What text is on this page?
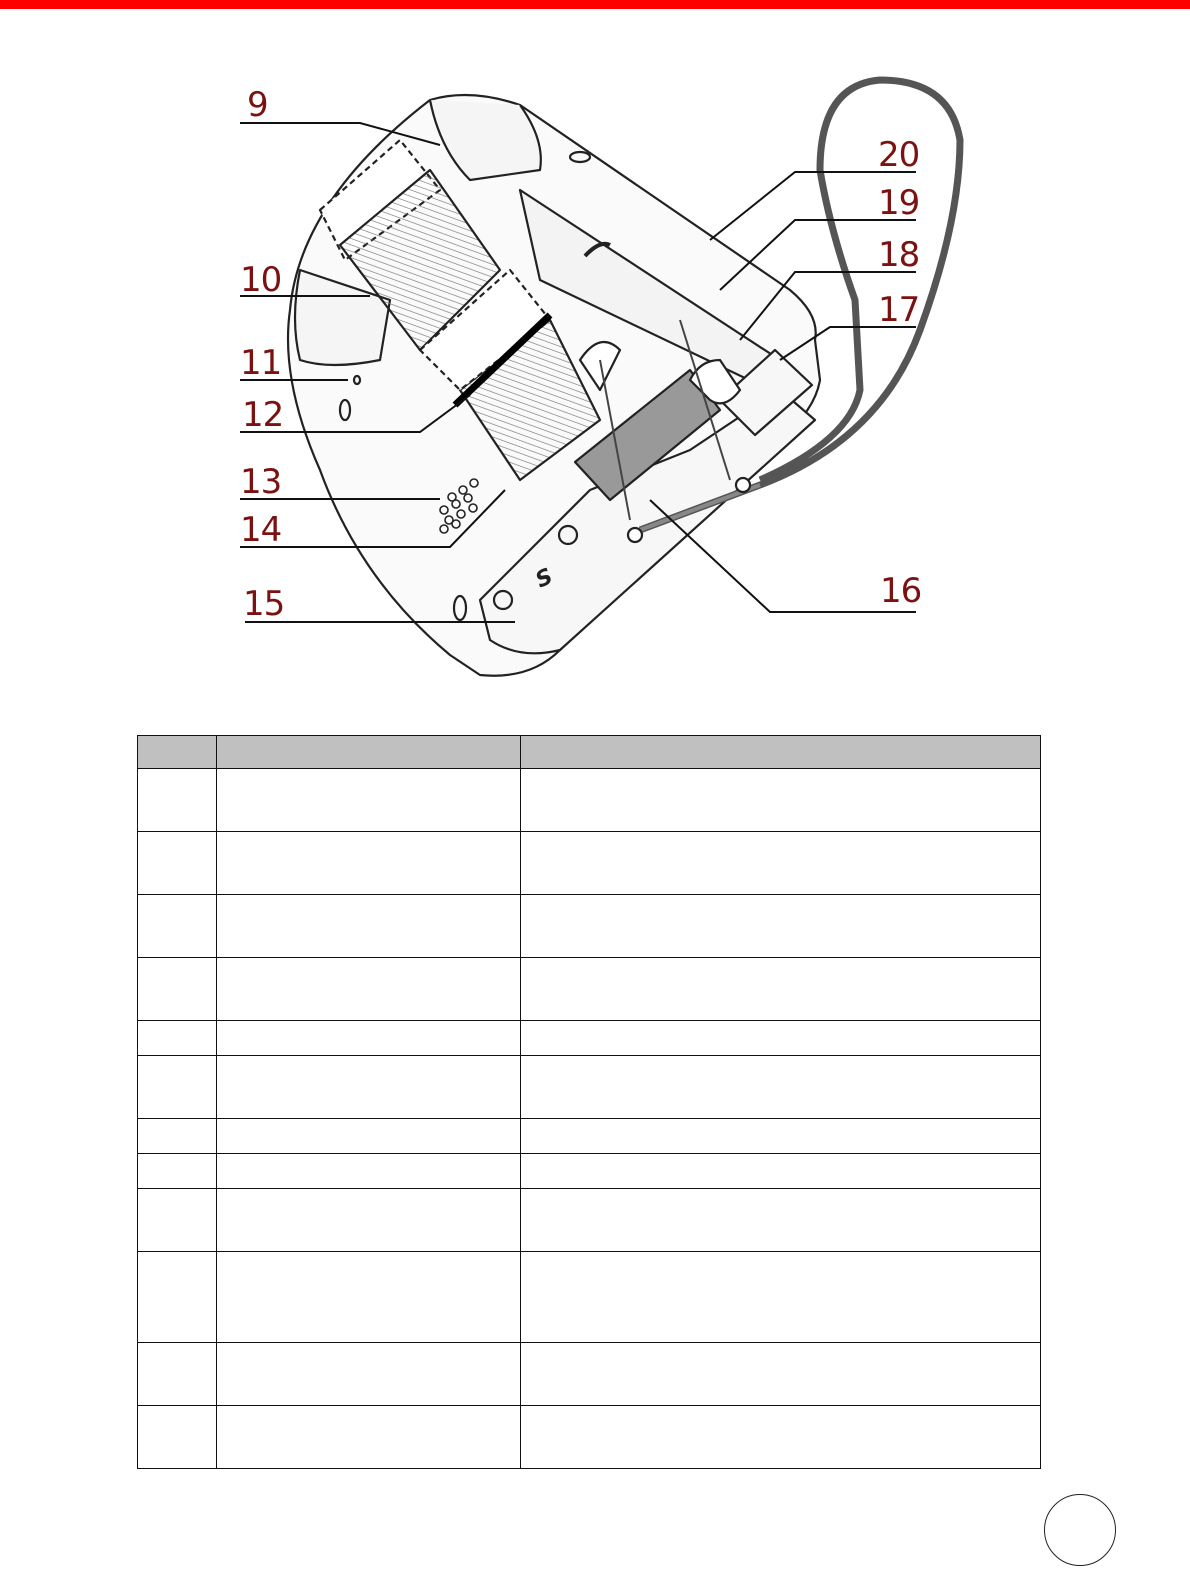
S
9
10
11
12
13
14
15	16
17
18
19
20
